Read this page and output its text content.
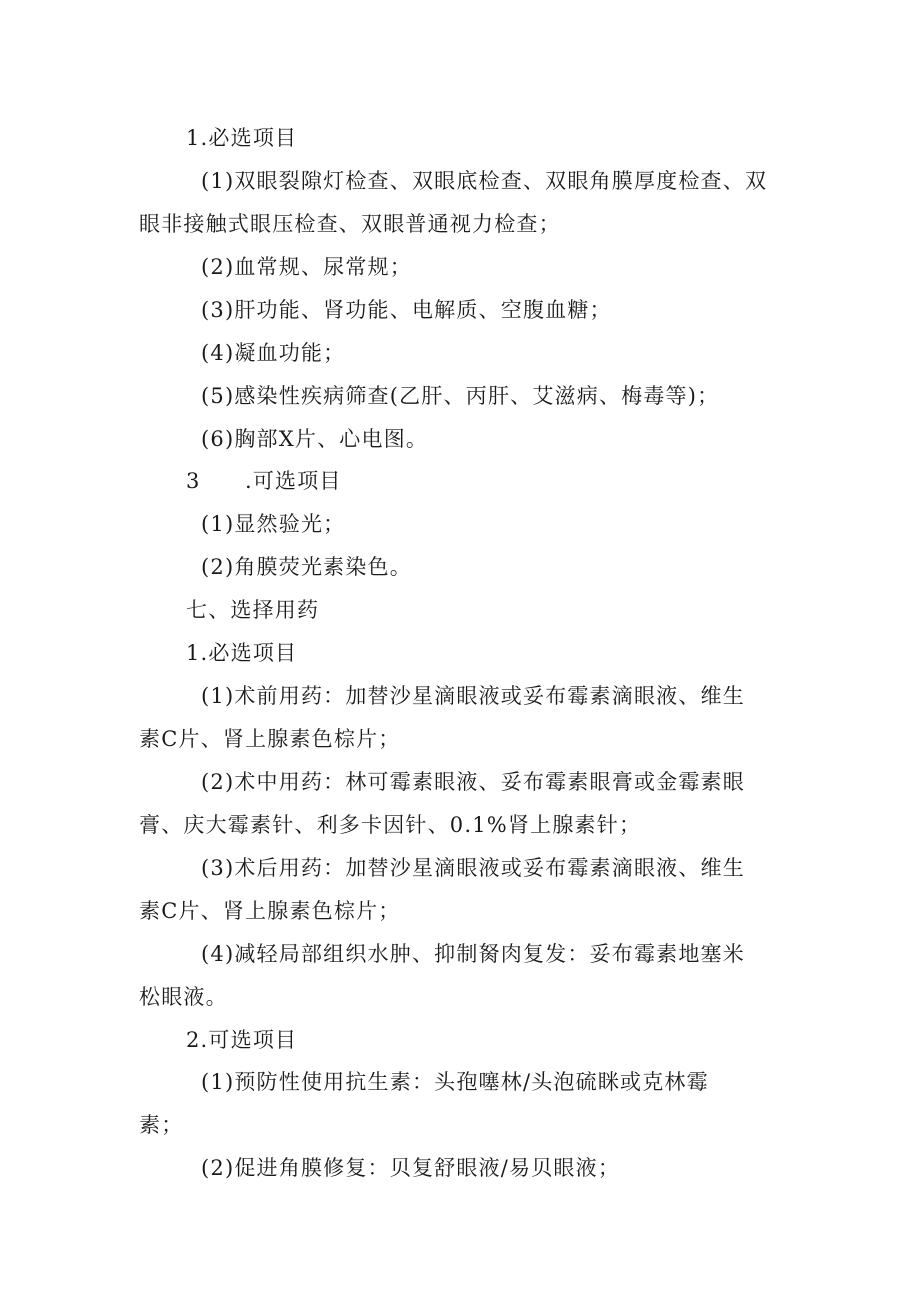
1.必选项目
(1)双眼裂隙灯检查、双眼底检查、双眼角膜厚度检查、双
眼非接触式眼压检查、双眼普通视力检查；
(2)血常规、尿常规；
(3)肝功能、肾功能、电解质、空腹血糖；
(4)凝血功能；
(5)感染性疾病筛查(乙肝、丙肝、艾滋病、梅毒等)；
(6)胸部X片、心电图。
3　　.可选项目
(1)显然验光；
(2)角膜荧光素染色。
七、选择用药
1.必选项目
(1)术前用药：加替沙星滴眼液或妥布霉素滴眼液、维生
素C片、肾上腺素色棕片；
(2)术中用药：林可霉素眼液、妥布霉素眼膏或金霉素眼
膏、庆大霉素针、利多卡因针、0.1%肾上腺素针；
(3)术后用药：加替沙星滴眼液或妥布霉素滴眼液、维生
素C片、肾上腺素色棕片；
(4)减轻局部组织水肿、抑制胬肉复发：妥布霉素地塞米
松眼液。
2.可选项目
(1)预防性使用抗生素：头孢噻林/头泡硫眯或克林霉
素；
(2)促进角膜修复：贝复舒眼液/易贝眼液；
